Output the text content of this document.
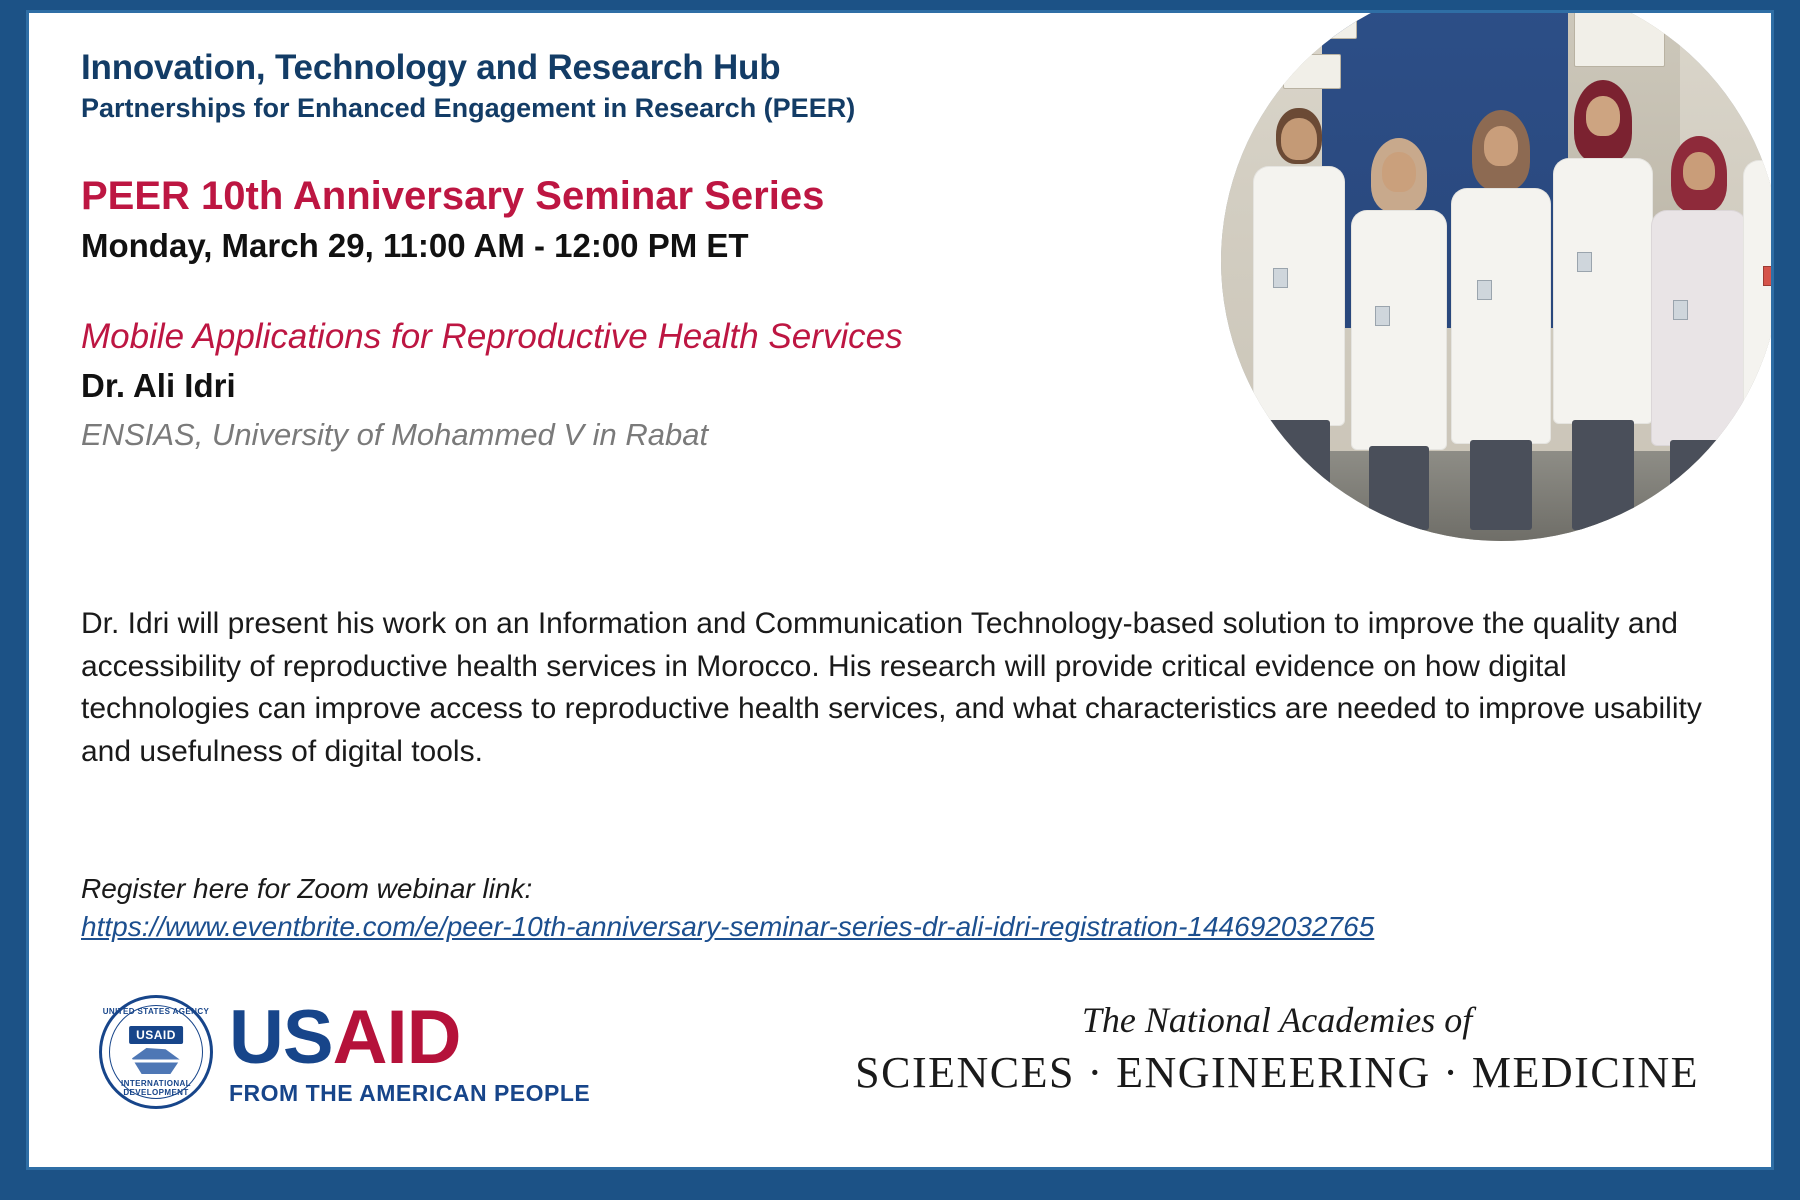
Innovation, Technology and Research Hub
Partnerships for Enhanced Engagement in Research (PEER)
PEER 10th Anniversary Seminar Series
Monday, March 29, 11:00 AM - 12:00 PM ET
Mobile Applications for Reproductive Health Services
Dr. Ali Idri
ENSIAS, University of Mohammed V in Rabat
Dr. Idri will present his work on an Information and Communication Technology-based solution to improve the quality and accessibility of reproductive health services in Morocco. His research will provide critical evidence on how digital technologies can improve access to reproductive health services, and what characteristics are needed to improve usability and usefulness of digital tools.
Register here for Zoom webinar link:
https://www.eventbrite.com/e/peer-10th-anniversary-seminar-series-dr-ali-idri-registration-144692032765
UNITED STATES AGENCY
USAID
INTERNATIONAL DEVELOPMENT
USAID
FROM THE AMERICAN PEOPLE
The National Academies of
SCIENCES · ENGINEERING · MEDICINE
